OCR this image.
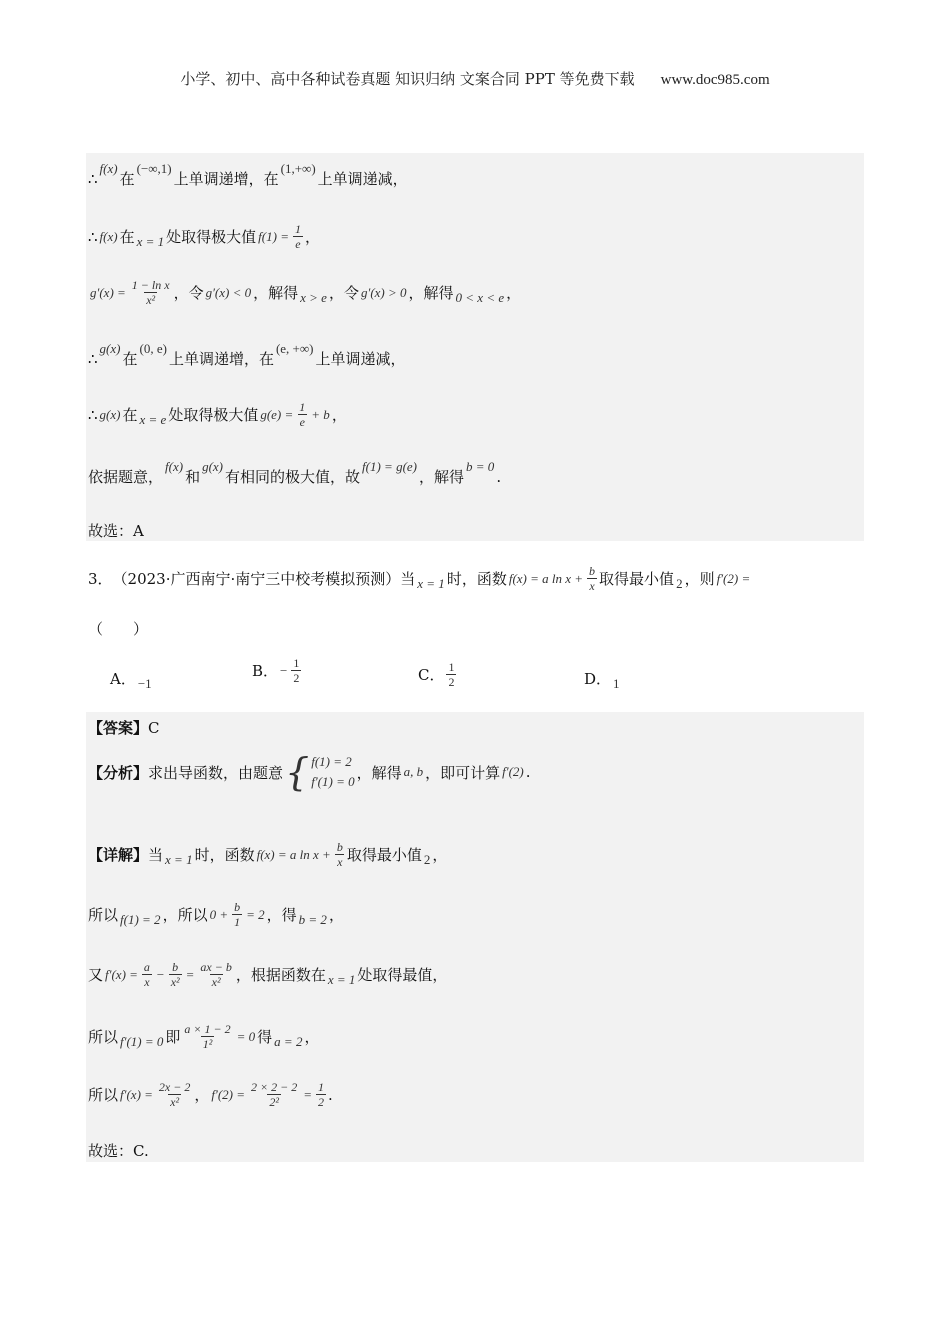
小学、初中、高中各种试卷真题 知识归纳 文案合同 PPT 等免费下载 www.doc985.com
∴
f(x)
在
(−∞,1)
上单调递增，在
(1,+∞)
上单调递减，
∴ f(x) 在 x = 1 处取得极大值 $f(1) = \frac{1}{e}$ ，
$g'(x) = \frac{\text{1 − ln x}}{\text{x²}}$ ，令 g′(x) < 0 ，解得 x > e ，令 g′(x) > 0 ，解得 0 < x < e ，
∴
g(x)
在
(0, e)
上单调递增，在
(e, +∞)
上单调递减，
∴ g(x) 在 x = e 处取得极大值 $g(e) = \frac{1}{e} + b$ ，
依据题意，
f(x)
和
g(x)
有相同的极大值，故
f(1) = g(e)
，解得
b = 0
.
故选：A
3． （2023·广西南宁·南宁三中校考模拟预测）当 x = 1 时，函数 f(x) = a $\ln x + \frac{b}{x}$ 取得最小值 2 ，则 f′(2) =
（　　）
A． −1
B． − $\frac{1}{2}$	C． $\frac{1}{2}$	D． 1
【答案】 C
【分析】 求出导函数，由题意 { f(1) = 2
f′(1) = 0 ，解得 a, b ，即可计算 f′(2) .
【详解】 当 x = 1 时，函数 f(x) = a $\ln x + \frac{b}{x}$ 取得最小值 2 ，
所以 f(1) = 2 ，所以 $0 + \frac{b}{1} = 2$ ，得 b = 2 ，
又 $f'(x) = \frac{a}{x} - \frac{b}{\text{x²}} = \frac{ax - b}{\text{x²}}$ ，根据函数在 x = 1 处取得最值，
所以 f′(1) = 0 即 $\frac{a \times 1 - 2}{\text{1²}} = 0$ 得 a = 2 ，
所以 $f'(x) = \frac{2x - 2}{\text{x²}}$ ， $f'(2) = \frac{2 \times 2 - 2}{\text{2²}} = \frac{1}{2}$ .
故选：C.
